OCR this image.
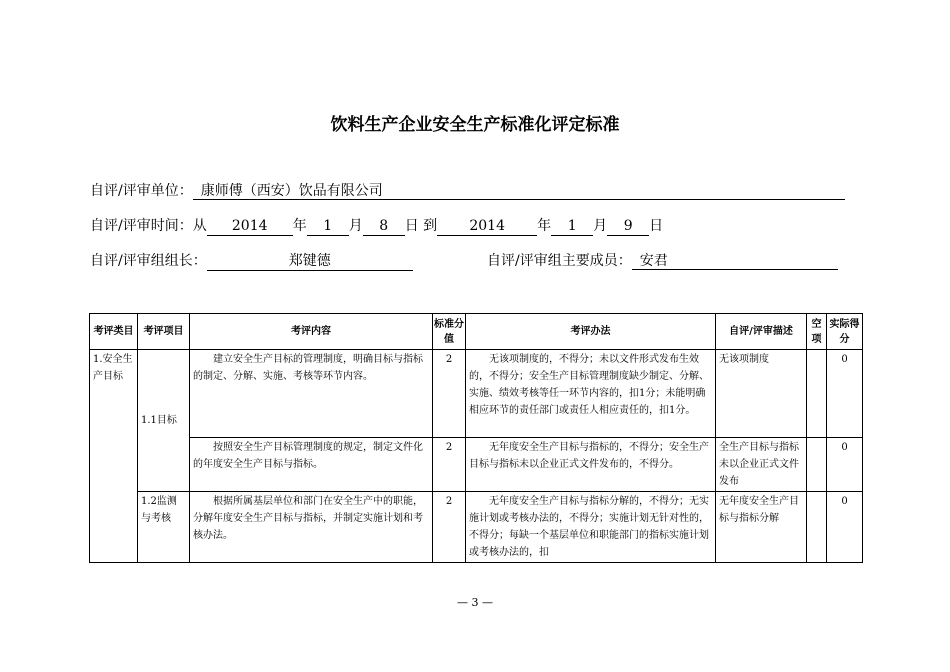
饮料生产企业安全生产标准化评定标准
自评/评审单位： 康师傅（西安）饮品有限公司
自评/评审时间：从 2014 年 1 月 8 日 到 2014 年 1 月 9 日
自评/评审组组长：	郑键德	自评/评审组主要成员： 安君
考评类目	考评项目	考评内容	标准分值	考评办法	自评/评审描述	空项	实际得分
1.安全生产目标	1.1目标	建立安全生产目标的管理制度，明确目标与指标的制定、分解、实施、考核等环节内容。	2	无该项制度的，不得分；未以文件形式发布生效的，不得分；安全生产目标管理制度缺少制定、分解、实施、绩效考核等任一环节内容的，扣1分；未能明确相应环节的责任部门或责任人相应责任的，扣1分。	无该项制度		0
		按照安全生产目标管理制度的规定，制定文件化的年度安全生产目标与指标。	2	无年度安全生产目标与指标的，不得分；安全生产目标与指标未以企业正式文件发布的，不得分。	全生产目标与指标未以企业正式文件发布		0
	1.2监测与考核	根据所属基层单位和部门在安全生产中的职能，分解年度安全生产目标与指标，并制定实施计划和考核办法。	2	无年度安全生产目标与指标分解的，不得分；无实施计划或考核办法的，不得分；实施计划无针对性的，不得分；每缺一个基层单位和职能部门的指标实施计划或考核办法的，扣	无年度安全生产目标与指标分解		0
— 3 —
